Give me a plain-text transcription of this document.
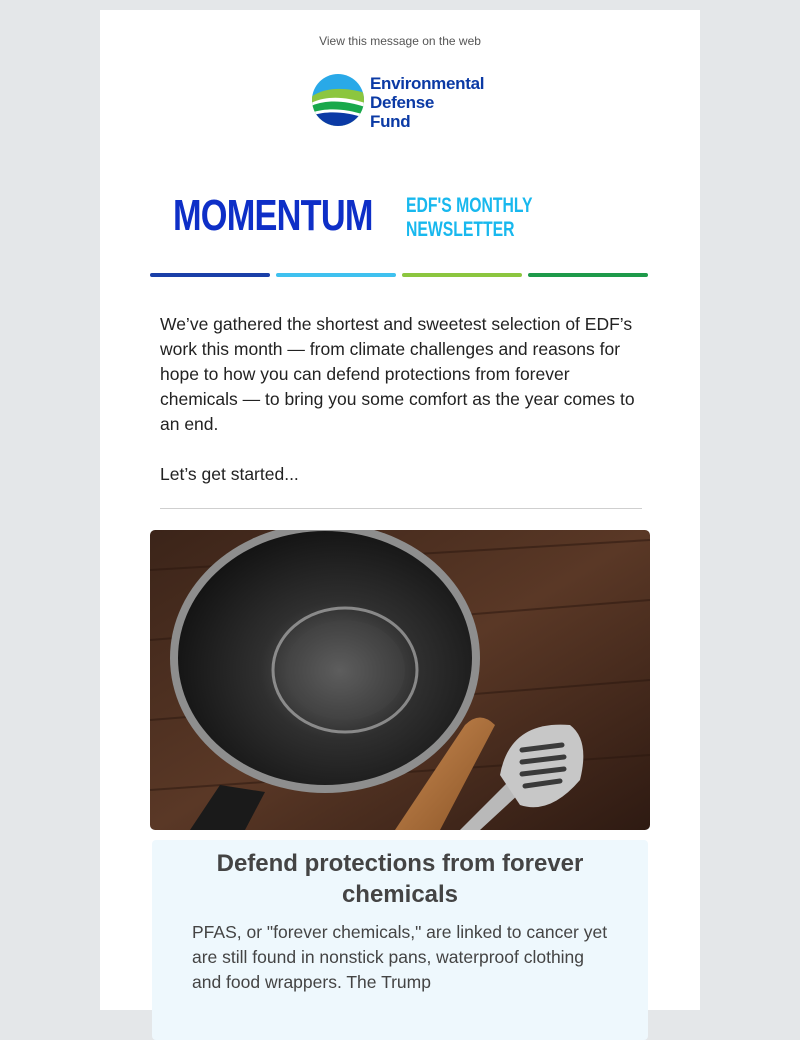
View this message on the web
Environmental
Defense
Fund
MOMENTUM EDF'S MONTHLY
NEWSLETTER

We’ve gathered the shortest and sweetest selection of EDF’s work this month — from climate challenges and reasons for hope to how you can defend protections from forever chemicals — to bring you some comfort as the year comes to an end.

Let’s get started...

Defend protections from forever chemicals

PFAS, or "forever chemicals," are linked to cancer yet are still found in nonstick pans, waterproof clothing and food wrappers. The Trump
